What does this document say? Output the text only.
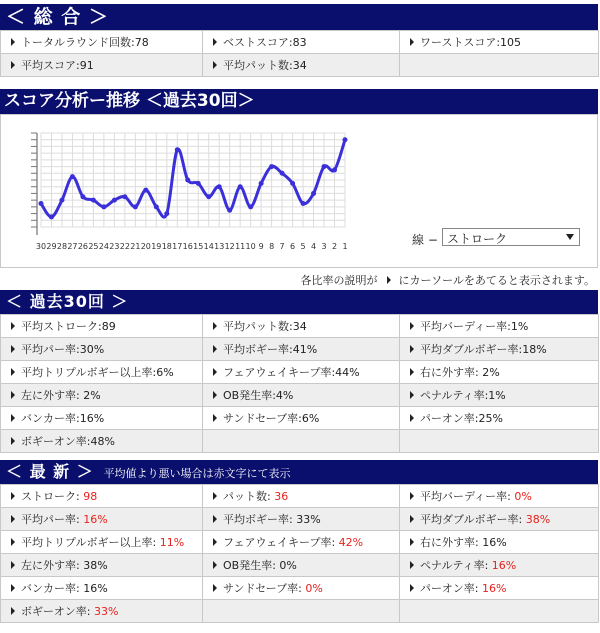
＜ 総 合 ＞
トータルラウンド回数:78	ベストスコア:83	ワーストスコア:105
平均スコア:91	平均パット数:34	
スコア分析ー推移 ＜過去30回＞
30 29 28 27 26 25 24 23 22 21 20 19 18 17 16 15 14 13 12 11 10 9 8 7 6 5 4 3 2 1	線 − ストローク
各比率の説明が にカーソールをあてると表示されます。
＜ 過去30回 ＞
平均ストローク:89	平均パット数:34	平均バーディー率:1%
平均パー率:30%	平均ボギー率:41%	平均ダブルボギー率:18%
平均トリプルボギー以上率:6%	フェアウェイキープ率:44%	右に外す率: 2%
左に外す率: 2%	OB発生率:4%	ペナルティ率:1%
バンカー率:16%	サンドセーブ率:6%	パーオン率:25%
ボギーオン率:48%		
＜ 最 新 ＞ 平均値より悪い場合は赤文字にて表示
ストローク: 98	パット数: 36	平均バーディー率: 0%
平均パー率: 16%	平均ボギー率: 33%	平均ダブルボギー率: 38%
平均トリプルボギー以上率: 11%	フェアウェイキープ率: 42%	右に外す率: 16%
左に外す率: 38%	OB発生率: 0%	ペナルティ率: 16%
バンカー率: 16%	サンドセーブ率: 0%	パーオン率: 16%
ボギーオン率: 33%		
